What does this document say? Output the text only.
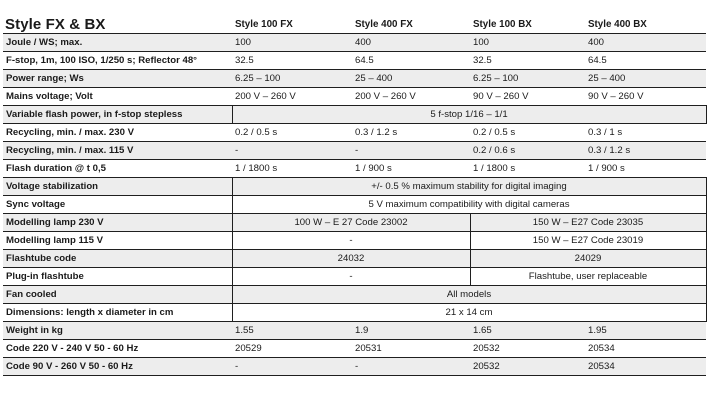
Style FX & BX	Style 100 FX	Style 400 FX	Style 100 BX	Style 400 BX
Joule / WS; max.	100	400	100	400
F-stop, 1m, 100 ISO, 1/250 s; Reflector 48°	32.5	64.5	32.5	64.5
Power range; Ws	6.25 – 100	25 – 400	6.25 – 100	25 – 400
Mains voltage; Volt	200 V – 260 V	200 V – 260 V	90 V – 260 V	90 V – 260 V
Variable flash power, in f-stop stepless	5 f-stop 1/16 – 1/1			
Recycling, min. / max. 230 V	0.2 / 0.5 s	0.3 / 1.2 s	0.2 / 0.5 s	0.3 / 1 s
Recycling, min. / max. 115 V	-	-	0.2 / 0.6 s	0.3 / 1.2 s
Flash duration @ t 0,5	1 / 1800 s	1 / 900 s	1 / 1800 s	1 / 900 s
Voltage stabilization	+/- 0.5 % maximum stability for digital imaging			
Sync voltage	5 V maximum compatibility with digital cameras			
Modelling lamp 230 V	100 W – E 27 Code 23002		150 W – E27 Code 23035	
Modelling lamp 115 V	-		150 W – E27 Code 23019	
Flashtube code	24032		24029	
Plug-in flashtube	-		Flashtube, user replaceable	
Fan cooled	All models			
Dimensions: length x diameter in cm	21 x 14 cm			
Weight in kg	1.55	1.9	1.65	1.95
Code 220 V - 240 V 50 - 60 Hz	20529	20531	20532	20534
Code 90 V - 260 V 50 - 60 Hz	-	-	20532	20534
